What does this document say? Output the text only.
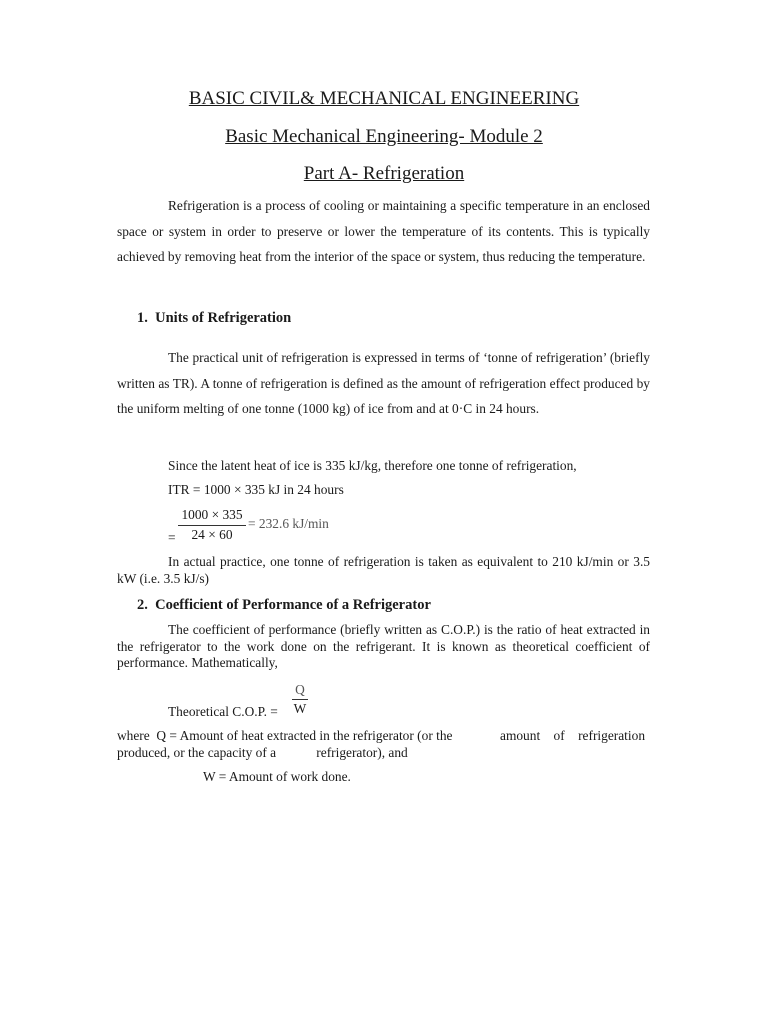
BASIC CIVIL& MECHANICAL ENGINEERING
Basic Mechanical Engineering- Module 2
Part A- Refrigeration

Refrigeration is a process of cooling or maintaining a specific temperature in an enclosed space or system in order to preserve or lower the temperature of its contents. This is typically achieved by removing heat from the interior of the space or system, thus reducing the temperature.

1.  Units of Refrigeration

The practical unit of refrigeration is expressed in terms of ‘tonne of refrigeration’ (briefly written as TR). A tonne of refrigeration is defined as the amount of refrigeration effect produced by the uniform melting of one tonne (1000 kg) of ice from and at 0·C in 24 hours.

Since the latent heat of ice is 335 kJ/kg, therefore one tonne of refrigeration,
ITR = 1000 × 335 kJ in 24 hours
1000 × 335
24 × 60
= 232.6 kJ/min
=

In actual practice, one tonne of refrigeration is taken as equivalent to 210 kJ/min or 3.5 kW (i.e. 3.5 kJ/s)

2.  Coefficient of Performance of a Refrigerator

The coefficient of performance (briefly written as C.O.P.) is the ratio of heat extracted in the refrigerator to the work done on the refrigerant. It is known as theoretical coefficient of performance. Mathematically,

Theoretical C.O.P. =
Q
W
where  Q = Amount of heat extracted in the refrigerator (or the	amount    of    refrigeration
produced, or the capacity of a            refrigerator), and
W = Amount of work done.
